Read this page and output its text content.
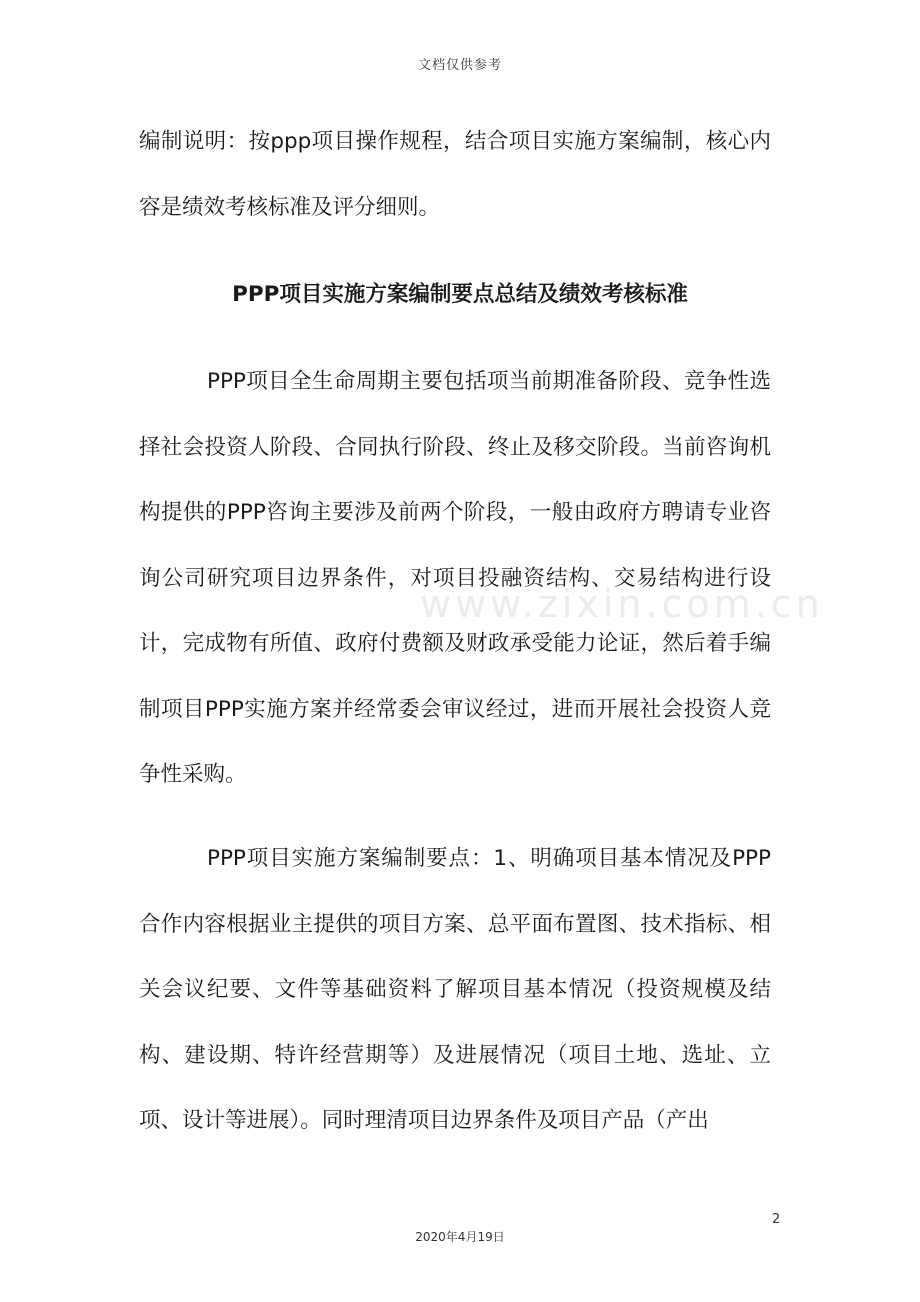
文档仅供参考

编制说明：按ppp项目操作规程，结合项目实施方案编制，核心内容是绩效考核标准及评分细则。

PPP项目实施方案编制要点总结及绩效考核标准

PPP项目全生命周期主要包括项当前期准备阶段、竞争性选择社会投资人阶段、合同执行阶段、终止及移交阶段。当前咨询机构提供的PPP咨询主要涉及前两个阶段，一般由政府方聘请专业咨询公司研究项目边界条件，对项目投融资结构、交易结构进行设计，完成物有所值、政府付费额及财政承受能力论证，然后着手编制项目PPP实施方案并经常委会审议经过，进而开展社会投资人竞争性采购。

www.zixin.com.cn

PPP项目实施方案编制要点：1、明确项目基本情况及PPP合作内容根据业主提供的项目方案、总平面布置图、技术指标、相关会议纪要、文件等基础资料了解项目基本情况（投资规模及结构、建设期、特许经营期等）及进展情况（项目土地、选址、立项、设计等进展）。同时理清项目边界条件及项目产品（产出

2
2020年4月19日
